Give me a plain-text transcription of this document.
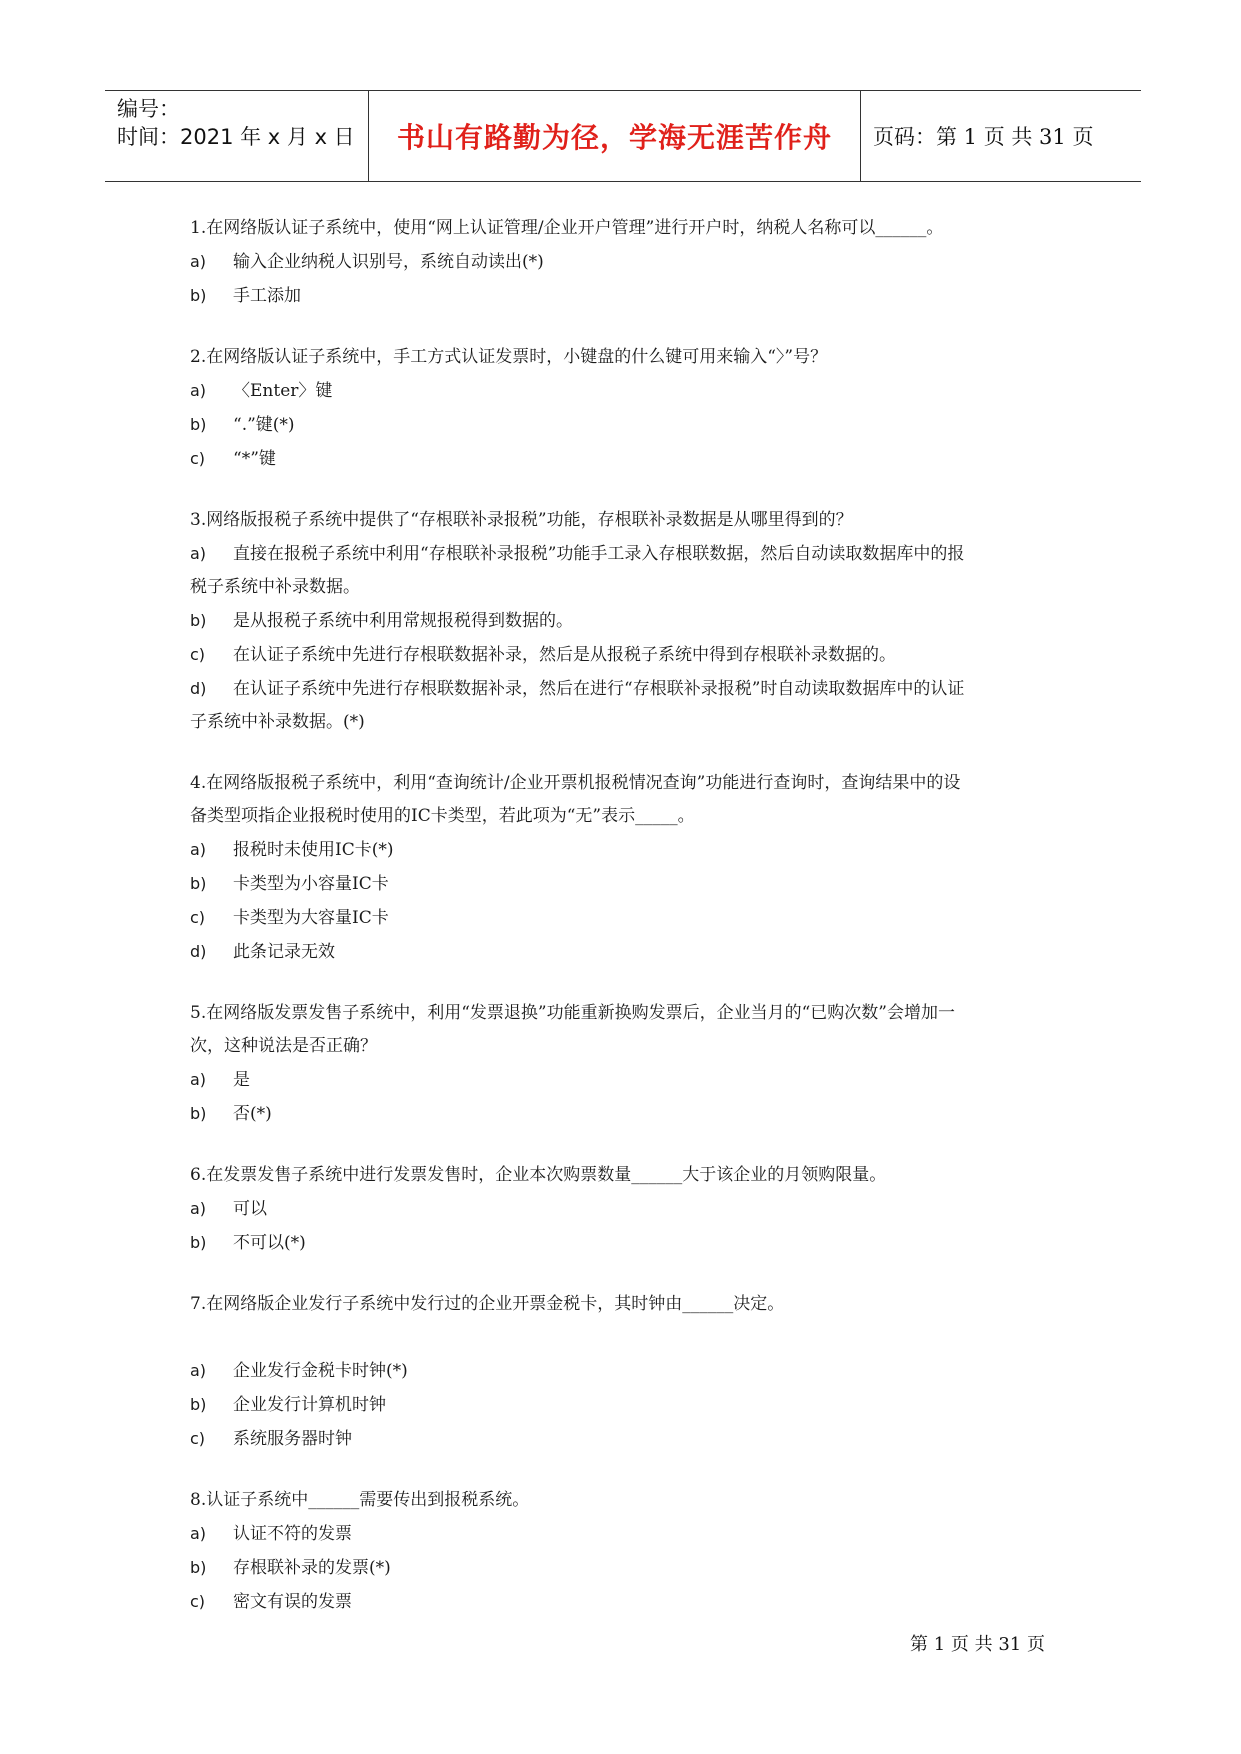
编号：
时间：2021 年 x 月 x 日	书山有路勤为径，学海无涯苦作舟	页码：第 1 页 共 31 页

1.在网络版认证子系统中，使用“网上认证管理/企业开户管理”进行开户时，纳税人名称可以______。

a) 输入企业纳税人识别号，系统自动读出(*)

b) 手工添加

2.在网络版认证子系统中，手工方式认证发票时，小键盘的什么键可用来输入“〉”号？

a) 〈Enter〉键

b) “.”键(*)

c) “*”键

3.网络版报税子系统中提供了“存根联补录报税”功能，存根联补录数据是从哪里得到的？

a) 直接在报税子系统中利用“存根联补录报税”功能手工录入存根联数据，然后自动读取数据库中的报

税子系统中补录数据。

b) 是从报税子系统中利用常规报税得到数据的。

c) 在认证子系统中先进行存根联数据补录，然后是从报税子系统中得到存根联补录数据的。

d) 在认证子系统中先进行存根联数据补录，然后在进行“存根联补录报税”时自动读取数据库中的认证

子系统中补录数据。(*)

4.在网络版报税子系统中，利用“查询统计/企业开票机报税情况查询”功能进行查询时，查询结果中的设

备类型项指企业报税时使用的IC卡类型，若此项为“无”表示_____。

a) 报税时未使用IC卡(*)

b) 卡类型为小容量IC卡

c) 卡类型为大容量IC卡

d) 此条记录无效

5.在网络版发票发售子系统中，利用“发票退换”功能重新换购发票后，企业当月的“已购次数”会增加一

次，这种说法是否正确？

a) 是

b) 否(*)

6.在发票发售子系统中进行发票发售时，企业本次购票数量______大于该企业的月领购限量。

a) 可以

b) 不可以(*)

7.在网络版企业发行子系统中发行过的企业开票金税卡，其时钟由______决定。

a) 企业发行金税卡时钟(*)

b) 企业发行计算机时钟

c) 系统服务器时钟

8.认证子系统中______需要传出到报税系统。

a) 认证不符的发票

b) 存根联补录的发票(*)

c) 密文有误的发票

第 1 页 共 31 页
